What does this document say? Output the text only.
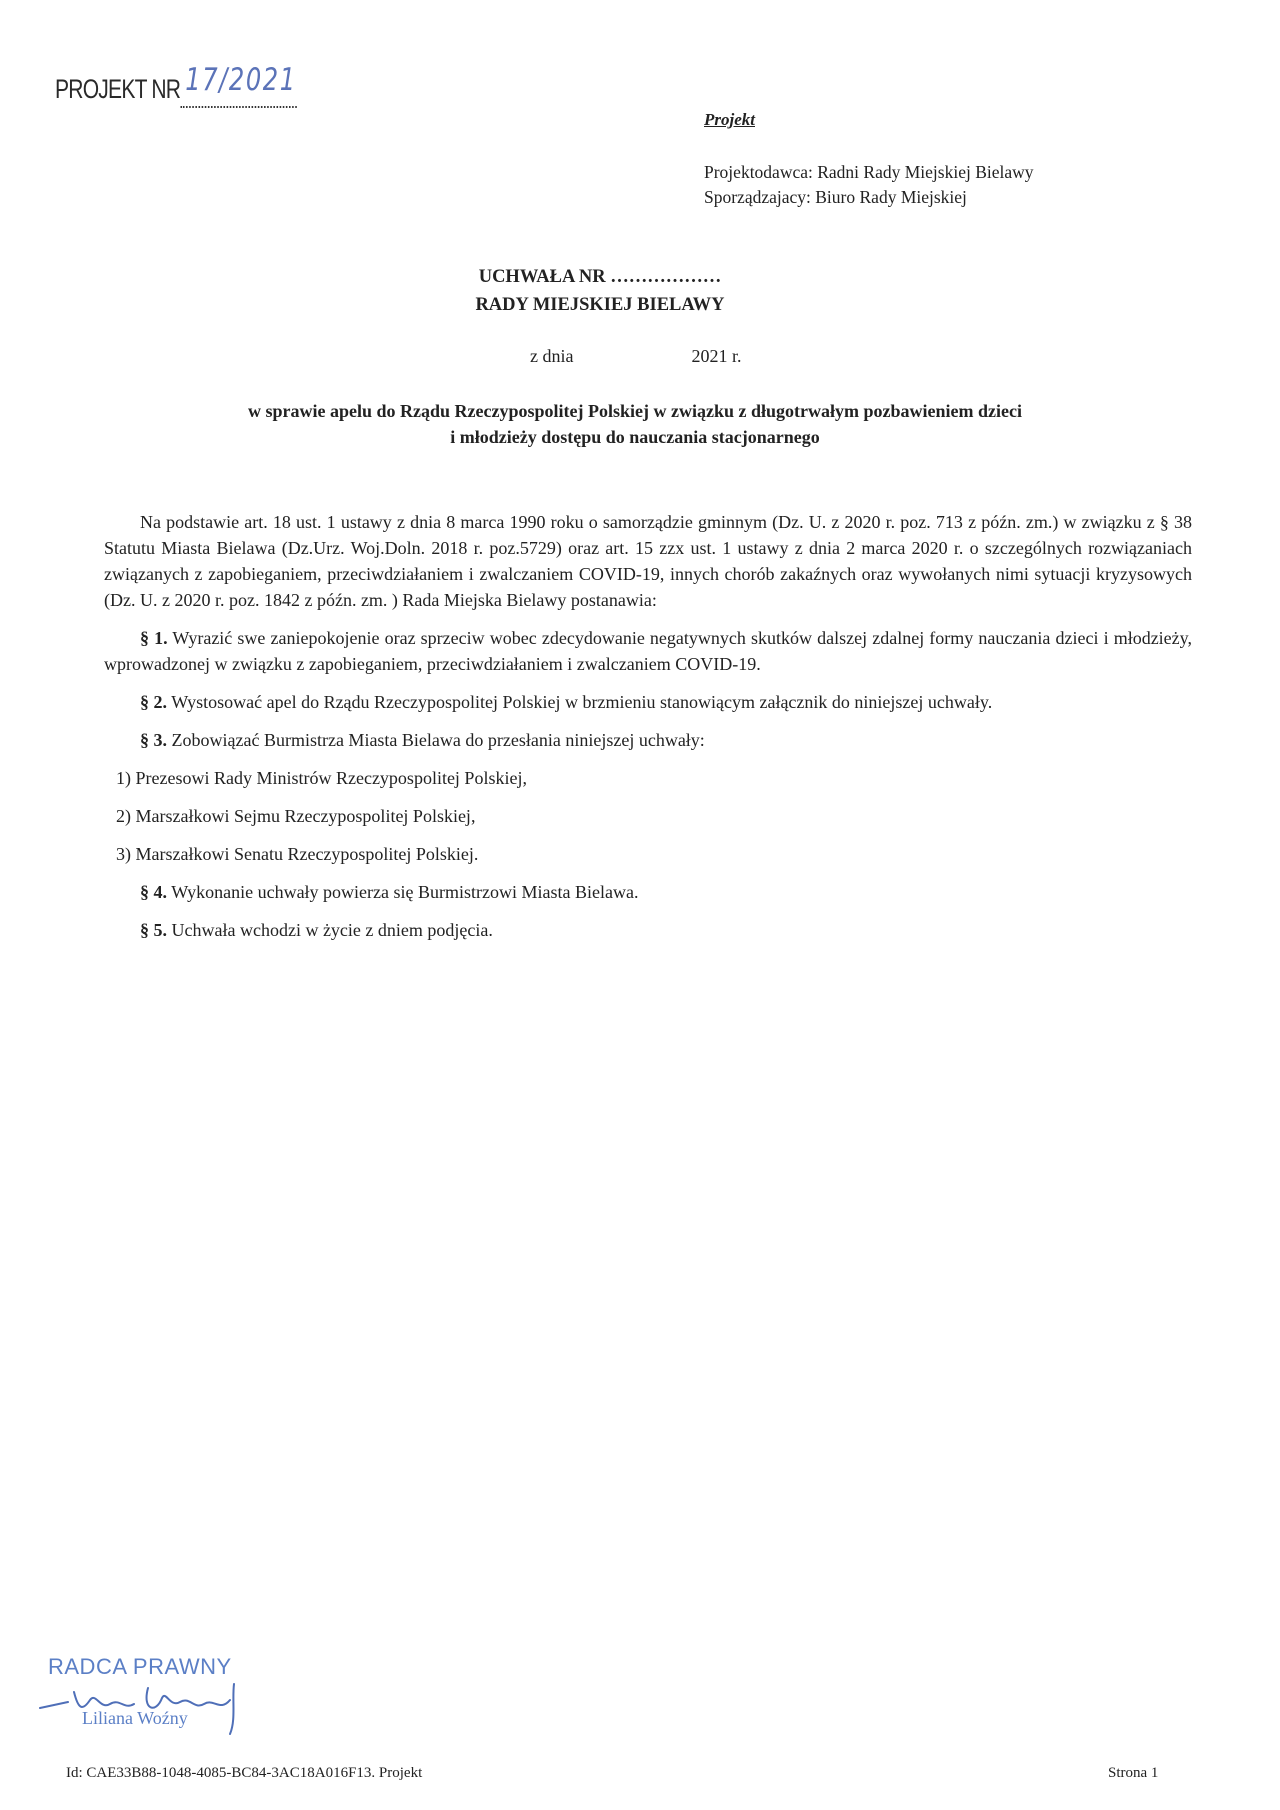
PROJEKT NR 17/2021
Projekt
Projektodawca: Radni Rady Miejskiej Bielawy
Sporządzajacy: Biuro Rady Miejskiej
UCHWAŁA NR ………………
RADY MIEJSKIEJ BIELAWY
z dnia	2021 r.
w sprawie apelu do Rządu Rzeczypospolitej Polskiej w związku z długotrwałym pozbawieniem dzieci
i młodzieży dostępu do nauczania stacjonarnego

Na podstawie art. 18 ust. 1 ustawy z dnia 8 marca 1990 roku o samorządzie gminnym (Dz. U. z 2020 r. poz. 713 z późn. zm.) w związku z § 38 Statutu Miasta Bielawa (Dz.Urz. Woj.Doln. 2018 r. poz.5729) oraz art. 15 zzx ust. 1 ustawy z dnia 2 marca 2020 r. o szczególnych rozwiązaniach związanych z zapobieganiem, przeciwdziałaniem i zwalczaniem COVID-19, innych chorób zakaźnych oraz wywołanych nimi sytuacji kryzysowych (Dz. U. z 2020 r. poz. 1842 z późn. zm. ) Rada Miejska Bielawy postanawia:

§ 1. Wyrazić swe zaniepokojenie oraz sprzeciw wobec zdecydowanie negatywnych skutków dalszej zdalnej formy nauczania dzieci i młodzieży, wprowadzonej w związku z zapobieganiem, przeciwdziałaniem i zwalczaniem COVID-19.

§ 2. Wystosować apel do Rządu Rzeczypospolitej Polskiej w brzmieniu stanowiącym załącznik do niniejszej uchwały.

§ 3. Zobowiązać Burmistrza Miasta Bielawa do przesłania niniejszej uchwały:

1) Prezesowi Rady Ministrów Rzeczypospolitej Polskiej,

2) Marszałkowi Sejmu Rzeczypospolitej Polskiej,

3) Marszałkowi Senatu Rzeczypospolitej Polskiej.

§ 4. Wykonanie uchwały powierza się Burmistrzowi Miasta Bielawa.

§ 5. Uchwała wchodzi w życie z dniem podjęcia.

RADCA PRAWNY
Liliana Woźny
Id: CAE33B88-1048-4085-BC84-3AC18A016F13. Projekt	Strona 1
